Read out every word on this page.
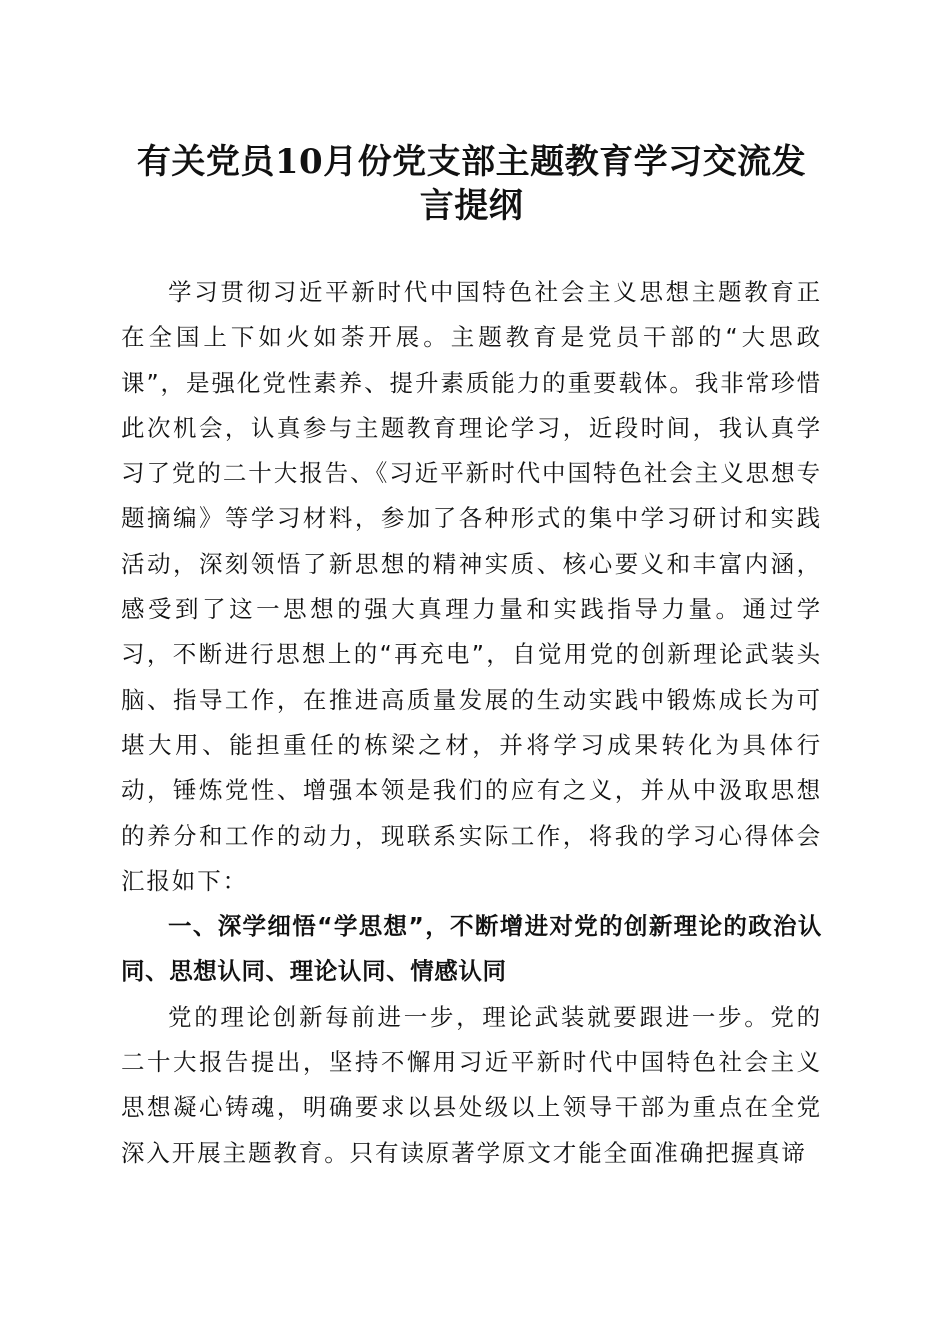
有关党员10月份党支部主题教育学习交流发言提纲

学习贯彻习近平新时代中国特色社会主义思想主题教育正在全国上下如火如荼开展。主题教育是党员干部的“大思政课”，是强化党性素养、提升素质能力的重要载体。我非常珍惜此次机会，认真参与主题教育理论学习，近段时间，我认真学习了党的二十大报告、《习近平新时代中国特色社会主义思想专题摘编》等学习材料，参加了各种形式的集中学习研讨和实践活动，深刻领悟了新思想的精神实质、核心要义和丰富内涵，感受到了这一思想的强大真理力量和实践指导力量。通过学习，不断进行思想上的“再充电”，自觉用党的创新理论武装头脑、指导工作，在推进高质量发展的生动实践中锻炼成长为可堪大用、能担重任的栋梁之材，并将学习成果转化为具体行动，锤炼党性、增强本领是我们的应有之义，并从中汲取思想的养分和工作的动力，现联系实际工作，将我的学习心得体会汇报如下：

一、深学细悟“学思想”，不断增进对党的创新理论的政治认同、思想认同、理论认同、情感认同

党的理论创新每前进一步，理论武装就要跟进一步。党的二十大报告提出，坚持不懈用习近平新时代中国特色社会主义思想凝心铸魂，明确要求以县处级以上领导干部为重点在全党深入开展主题教育。只有读原著学原文才能全面准确把握真谛
